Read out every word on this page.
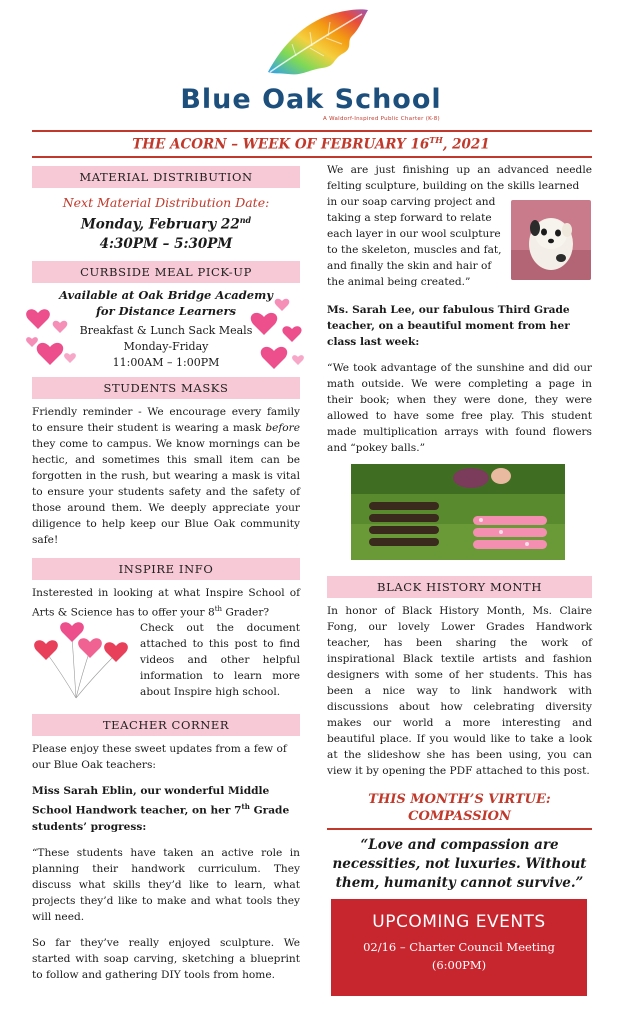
Blue Oak School
A Waldorf-Inspired Public Charter (K-8)
THE ACORN – WEEK OF FEBRUARY 16TH, 2021
MATERIAL DISTRIBUTION
Next Material Distribution Date:
Monday, February 22nd
4:30PM – 5:30PM
CURBSIDE MEAL PICK-UP
Available at Oak Bridge Academy
for Distance Learners
Breakfast & Lunch Sack Meals
Monday-Friday
11:00AM – 1:00PM
STUDENTS MASKS

Friendly reminder - We encourage every family to ensure their student is wearing a mask before they come to campus. We know mornings can be hectic, and sometimes this small item can be forgotten in the rush, but wearing a mask is vital to ensure your students safety and the safety of those around them. We deeply appreciate your diligence to help keep our Blue Oak community safe!

INSPIRE INFO

Insterested in looking at what Inspire School of Arts & Science has to offer your 8th Grader?

Check out the document attached to this post to find videos and other helpful information to learn more about Inspire high school.

TEACHER CORNER

Please enjoy these sweet updates from a few of our Blue Oak teachers:

Miss Sarah Eblin, our wonderful Middle School Handwork teacher, on her 7th Grade students’ progress:

“These students have taken an active role in planning their handwork curriculum. They discuss what skills they’d like to learn, what projects they’d like to make and what tools they will need.

So far they’ve really enjoyed sculpture. We started with soap carving, sketching a blueprint to follow and gathering DIY tools from home.

We are just finishing up an advanced needle felting sculpture, building on the skills learned

in our soap carving project and taking a step forward to relate each layer in our wool sculpture to the skeleton, muscles and fat, and finally the skin and hair of the animal being created.”

Ms. Sarah Lee, our fabulous Third Grade teacher, on a beautiful moment from her class last week:

“We took advantage of the sunshine and did our math outside. We were completing a page in their book; when they were done, they were allowed to have some free play. This student made multiplication arrays with found flowers and “pokey balls.”

BLACK HISTORY MONTH

In honor of Black History Month, Ms. Claire Fong, our lovely Lower Grades Handwork teacher, has been sharing the work of inspirational Black textile artists and fashion designers with some of her students. This has been a nice way to link handwork with discussions about how celebrating diversity makes our world a more interesting and beautiful place. If you would like to take a look at the slideshow she has been using, you can view it by opening the PDF attached to this post.

THIS MONTH’S VIRTUE:
COMPASSION
“Love and compassion are necessities, not luxuries. Without them, humanity cannot survive.”
UPCOMING EVENTS
02/16 – Charter Council Meeting
(6:00PM)
